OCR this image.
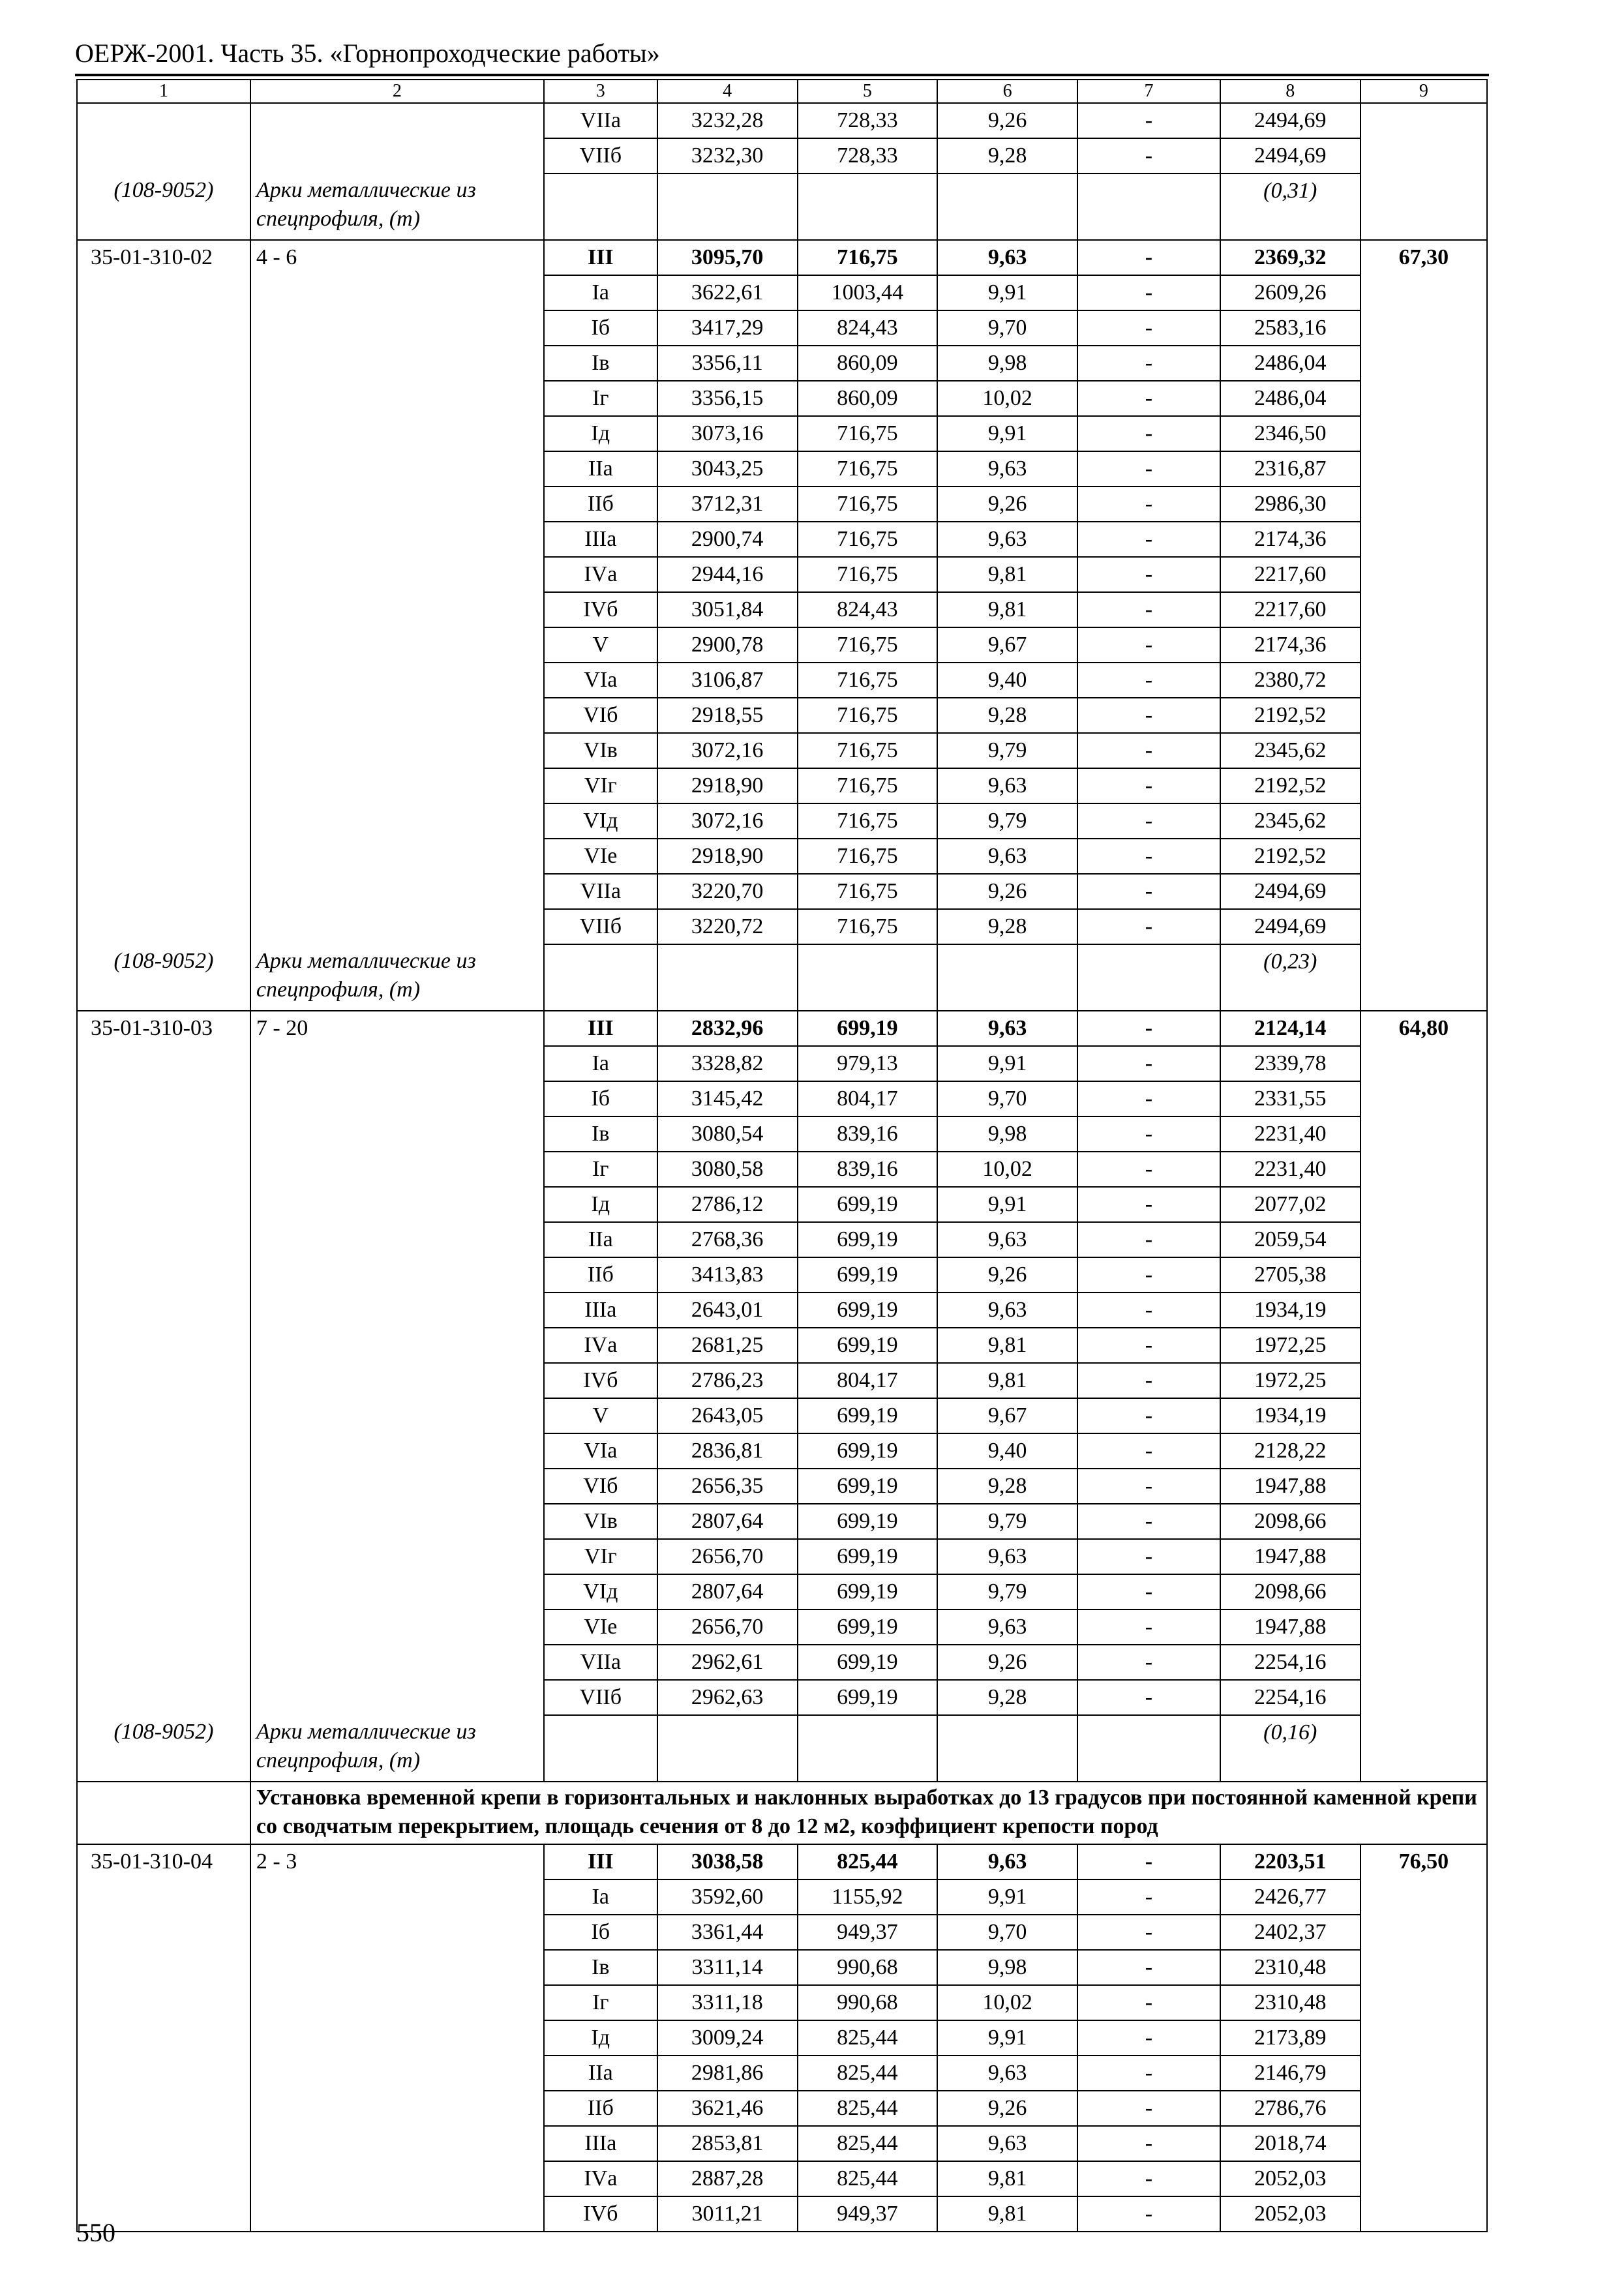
ОЕРЖ-2001. Часть 35. «Горнопроходческие работы»
1	2	3	4	5	6	7	8	9
		VIIа	3232,28	728,33	9,26	-	2494,69	
		VIIб	3232,30	728,33	9,28	-	2494,69	
(108-9052)	Арки металлические из спецпрофиля, (т)						(0,31)	
35-01-310-02	4 - 6	III	3095,70	716,75	9,63	-	2369,32	67,30
		Iа	3622,61	1003,44	9,91	-	2609,26	
		Iб	3417,29	824,43	9,70	-	2583,16	
		Iв	3356,11	860,09	9,98	-	2486,04	
		Iг	3356,15	860,09	10,02	-	2486,04	
		Iд	3073,16	716,75	9,91	-	2346,50	
		IIа	3043,25	716,75	9,63	-	2316,87	
		IIб	3712,31	716,75	9,26	-	2986,30	
		IIIа	2900,74	716,75	9,63	-	2174,36	
		IVа	2944,16	716,75	9,81	-	2217,60	
		IVб	3051,84	824,43	9,81	-	2217,60	
		V	2900,78	716,75	9,67	-	2174,36	
		VIа	3106,87	716,75	9,40	-	2380,72	
		VIб	2918,55	716,75	9,28	-	2192,52	
		VIв	3072,16	716,75	9,79	-	2345,62	
		VIг	2918,90	716,75	9,63	-	2192,52	
		VIд	3072,16	716,75	9,79	-	2345,62	
		VIе	2918,90	716,75	9,63	-	2192,52	
		VIIа	3220,70	716,75	9,26	-	2494,69	
		VIIб	3220,72	716,75	9,28	-	2494,69	
(108-9052)	Арки металлические из спецпрофиля, (т)						(0,23)	
35-01-310-03	7 - 20	III	2832,96	699,19	9,63	-	2124,14	64,80
		Iа	3328,82	979,13	9,91	-	2339,78	
		Iб	3145,42	804,17	9,70	-	2331,55	
		Iв	3080,54	839,16	9,98	-	2231,40	
		Iг	3080,58	839,16	10,02	-	2231,40	
		Iд	2786,12	699,19	9,91	-	2077,02	
		IIа	2768,36	699,19	9,63	-	2059,54	
		IIб	3413,83	699,19	9,26	-	2705,38	
		IIIа	2643,01	699,19	9,63	-	1934,19	
		IVа	2681,25	699,19	9,81	-	1972,25	
		IVб	2786,23	804,17	9,81	-	1972,25	
		V	2643,05	699,19	9,67	-	1934,19	
		VIа	2836,81	699,19	9,40	-	2128,22	
		VIб	2656,35	699,19	9,28	-	1947,88	
		VIв	2807,64	699,19	9,79	-	2098,66	
		VIг	2656,70	699,19	9,63	-	1947,88	
		VIд	2807,64	699,19	9,79	-	2098,66	
		VIе	2656,70	699,19	9,63	-	1947,88	
		VIIа	2962,61	699,19	9,26	-	2254,16	
		VIIб	2962,63	699,19	9,28	-	2254,16	
(108-9052)	Арки металлические из спецпрофиля, (т)						(0,16)	
	Установка временной крепи в горизонтальных и наклонных выработках до 13 градусов при постоянной каменной крепи со сводчатым перекрытием, площадь сечения от 8 до 12 м2, коэффициент крепости пород							
35-01-310-04	2 - 3	III	3038,58	825,44	9,63	-	2203,51	76,50
		Iа	3592,60	1155,92	9,91	-	2426,77	
		Iб	3361,44	949,37	9,70	-	2402,37	
		Iв	3311,14	990,68	9,98	-	2310,48	
		Iг	3311,18	990,68	10,02	-	2310,48	
		Iд	3009,24	825,44	9,91	-	2173,89	
		IIа	2981,86	825,44	9,63	-	2146,79	
		IIб	3621,46	825,44	9,26	-	2786,76	
		IIIа	2853,81	825,44	9,63	-	2018,74	
		IVа	2887,28	825,44	9,81	-	2052,03	
		IVб	3011,21	949,37	9,81	-	2052,03	
550
